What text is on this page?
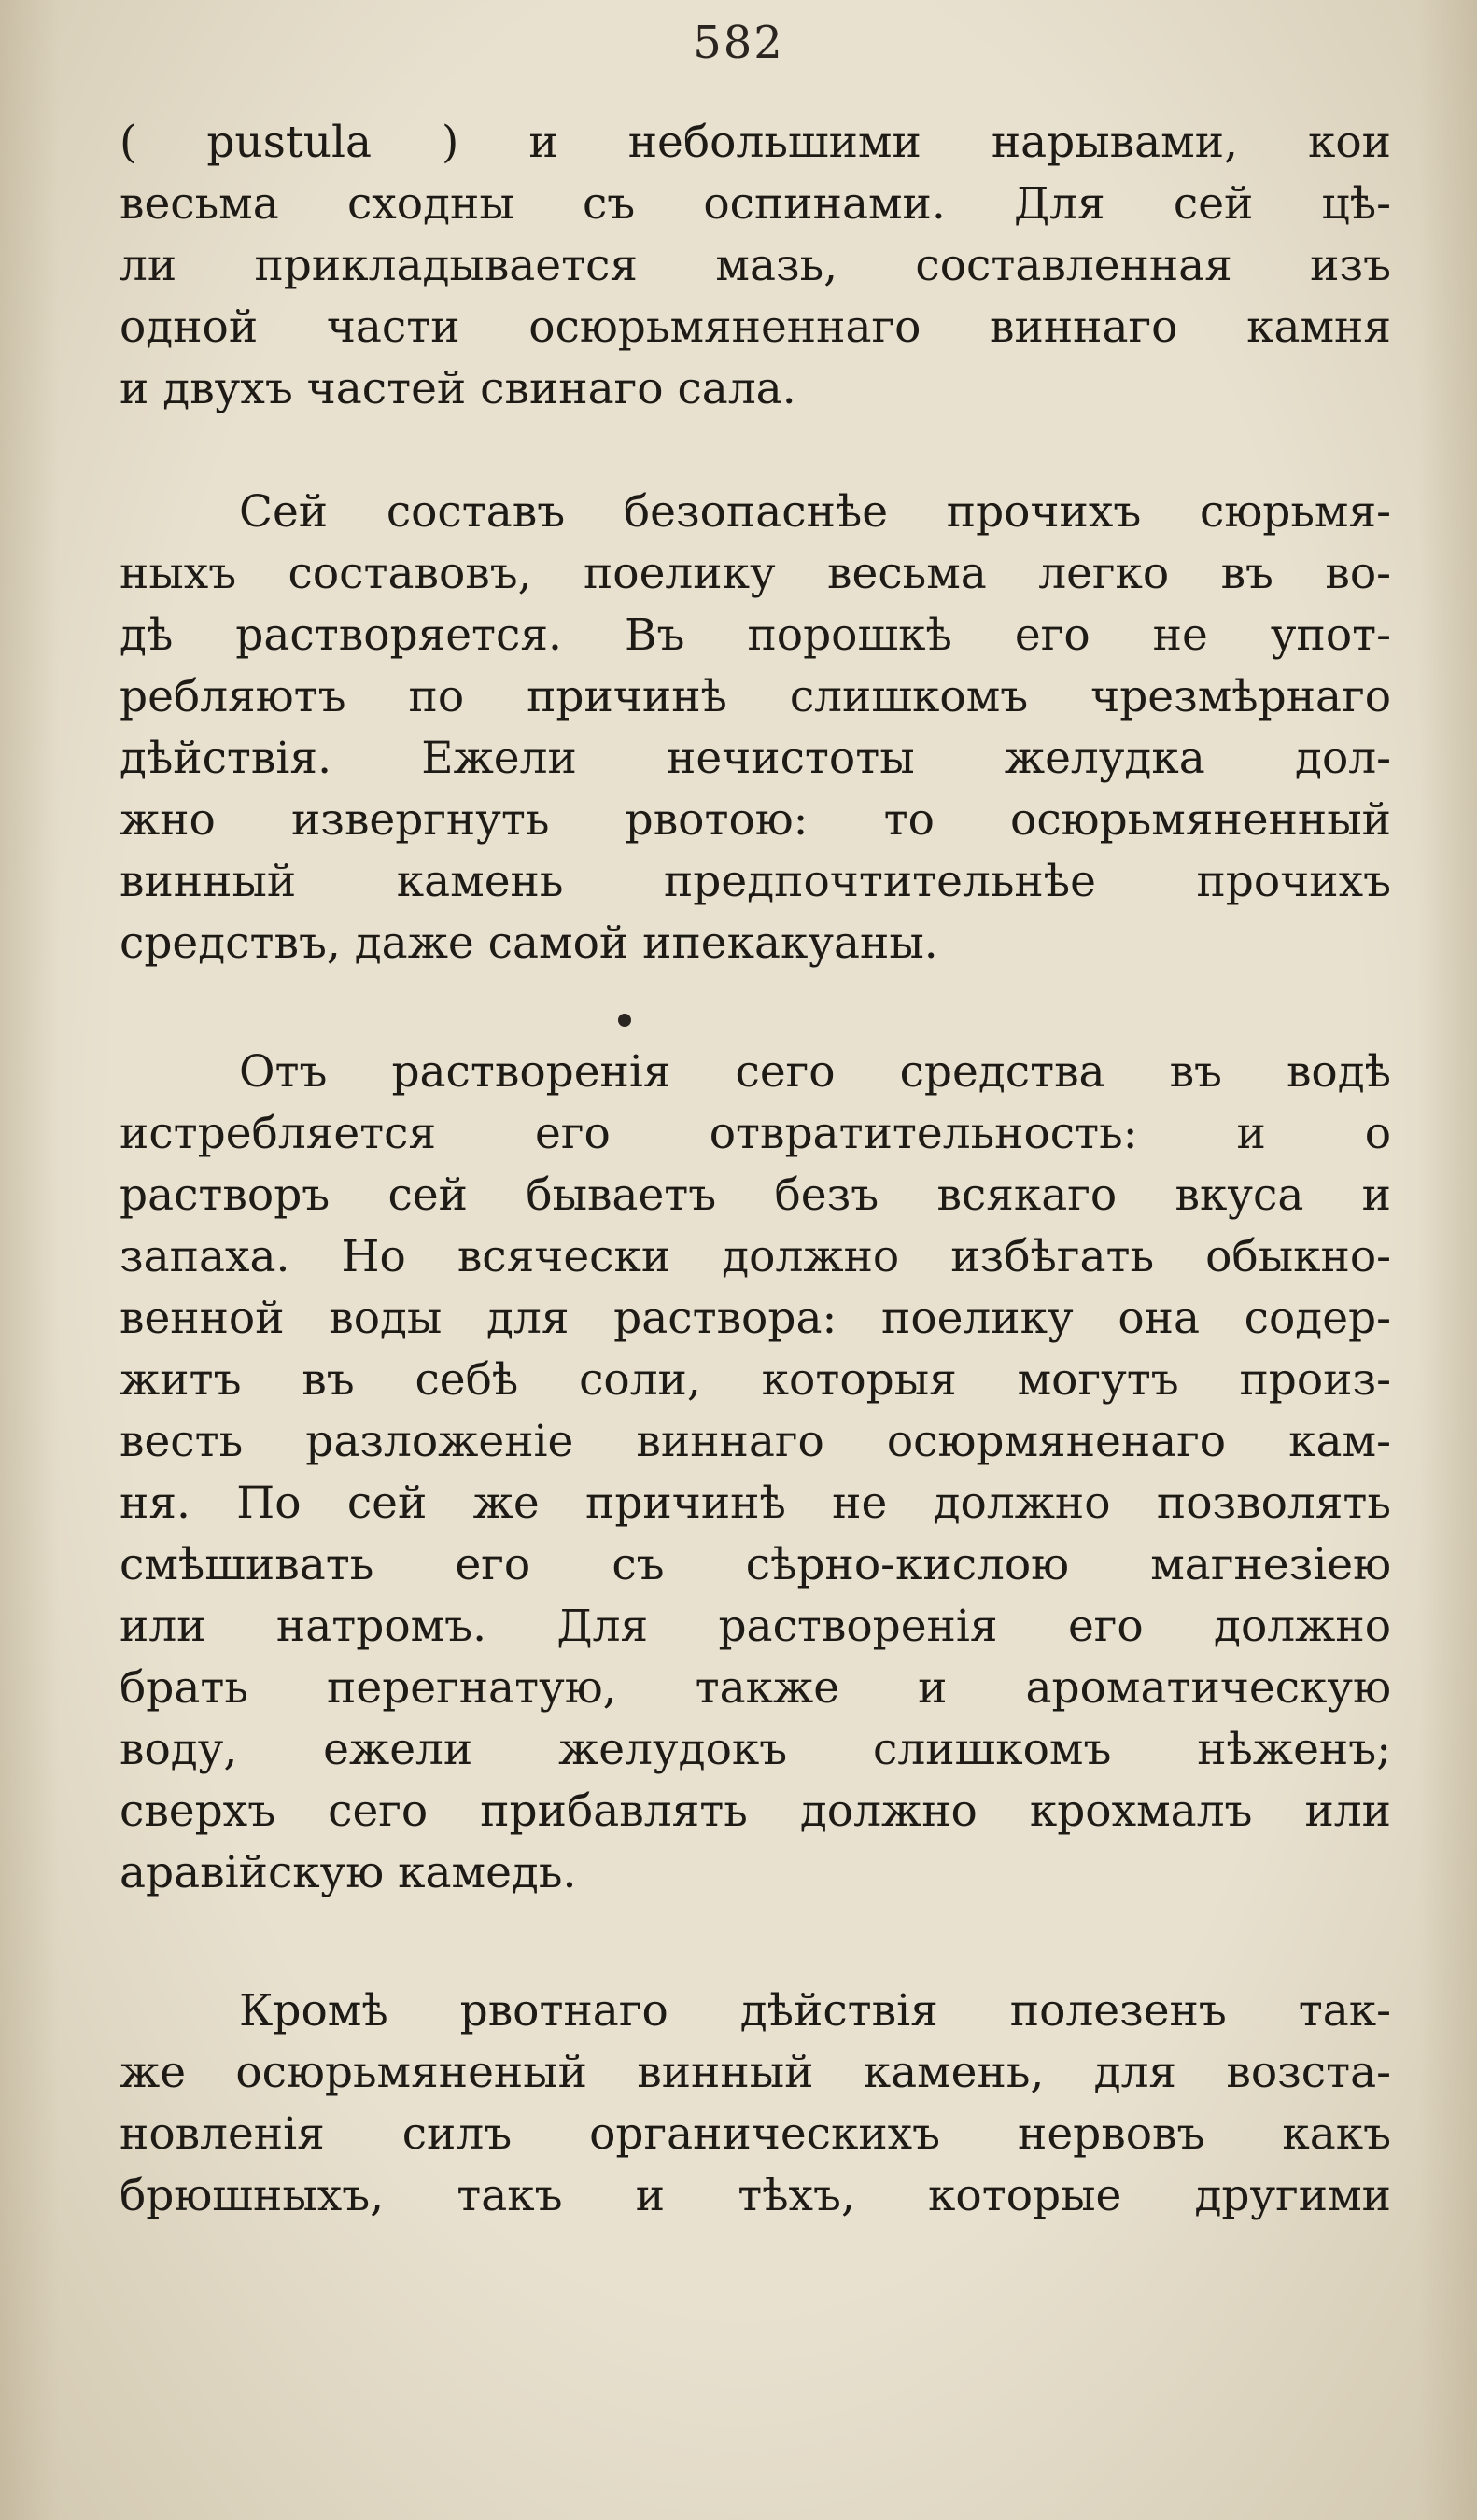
582
( pustula ) и небольшими нарывами, кои
весьма сходны съ оспинами. Для сей цѣ-
ли прикладывается мазь, составленная изъ
одной части осюрьмяненнаго виннаго камня
и двухъ частей свинаго сала.
Сей составъ безопаснѣе прочихъ сюрьмя-
ныхъ составовъ, поелику весьма легко въ во-
дѣ растворяется. Въ порошкѣ его не упот-
ребляютъ по причинѣ слишкомъ чрезмѣрнаго
дѣйствія. Ежели нечистоты желудка дол-
жно извергнуть рвотою: то осюрьмяненный
винный камень предпочтительнѣе прочихъ
средствъ, даже самой ипекакуаны.
Отъ растворенія сего средства въ водѣ
истребляется его отвратительность: и о
растворъ сей бываетъ безъ всякаго вкуса и
запаха. Но всячески должно избѣгать обыкно-
венной воды для раствора: поелику она содер-
житъ въ себѣ соли, которыя могутъ произ-
весть разложеніе виннаго осюрмяненаго кам-
ня. По сей же причинѣ не должно позволять
смѣшивать его съ сѣрно-кислою магнезіею
или натромъ. Для растворенія его должно
брать перегнатую, также и ароматическую
воду, ежели желудокъ слишкомъ нѣженъ;
сверхъ сего прибавлять должно крохмалъ или
аравійскую камедь.
Кромѣ рвотнаго дѣйствія полезенъ так-
же осюрьмяненый винный камень, для возста-
новленія силъ органическихъ нервовъ какъ
брюшныхъ, такъ и тѣхъ, которые другими
